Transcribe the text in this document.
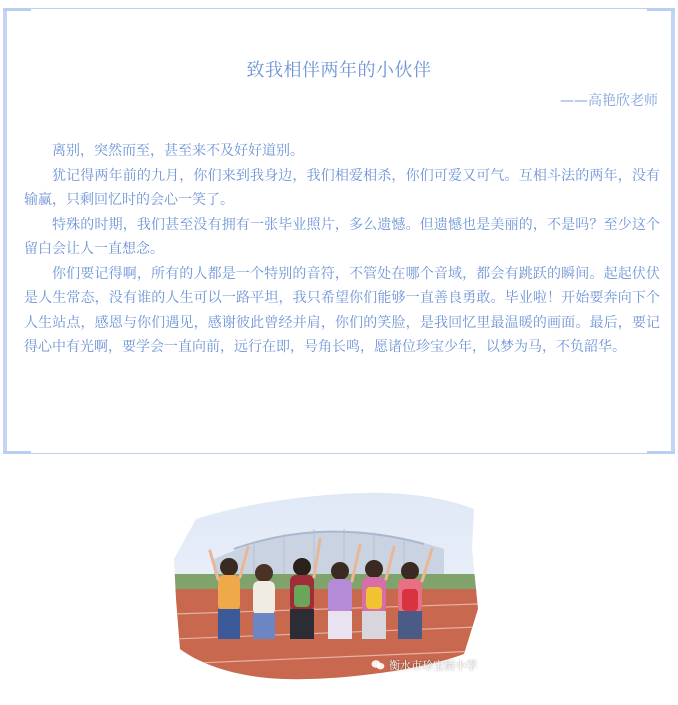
致我相伴两年的小伙伴
——高艳欣老师

离别，突然而至，甚至来不及好好道别。

犹记得两年前的九月，你们来到我身边，我们相爱相杀，你们可爱又可气。互相斗法的两年，没有输赢，只剩回忆时的会心一笑了。

特殊的时期，我们甚至没有拥有一张毕业照片，多么遗憾。但遗憾也是美丽的，不是吗？至少这个留白会让人一直想念。

你们要记得啊，所有的人都是一个特别的音符，不管处在哪个音域，都会有跳跃的瞬间。起起伏伏是人生常态，没有谁的人生可以一路平坦，我只希望你们能够一直善良勇敢。毕业啦！开始要奔向下个人生站点，感恩与你们遇见，感谢彼此曾经并肩，你们的笑脸，是我回忆里最温暖的画面。最后，要记得心中有光啊，要学会一直向前，远行在即，号角长鸣，愿诸位珍宝少年，以梦为马，不负韶华。

衡水市珍宝街小学
